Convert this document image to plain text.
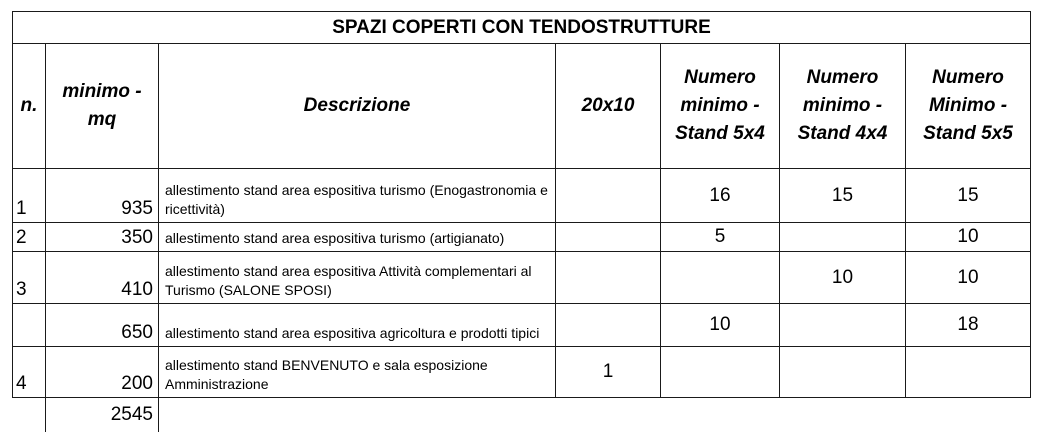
SPAZI COPERTI CON TENDOSTRUTTURE						
n.	minimo - mq	Descrizione	20x10	Numero minimo - Stand 5x4	Numero minimo - Stand 4x4	Numero Minimo - Stand 5x5
1	935	allestimento stand area espositiva turismo (Enogastronomia e ricettività)		16	15	15
2	350	allestimento stand area espositiva turismo (artigianato)		5		10
3	410	allestimento stand area espositiva Attività complementari al Turismo (SALONE SPOSI)			10	10
	650	allestimento stand area espositiva agricoltura e prodotti tipici		10		18
4	200	allestimento stand BENVENUTO e sala esposizione Amministrazione	1			
	2545					
